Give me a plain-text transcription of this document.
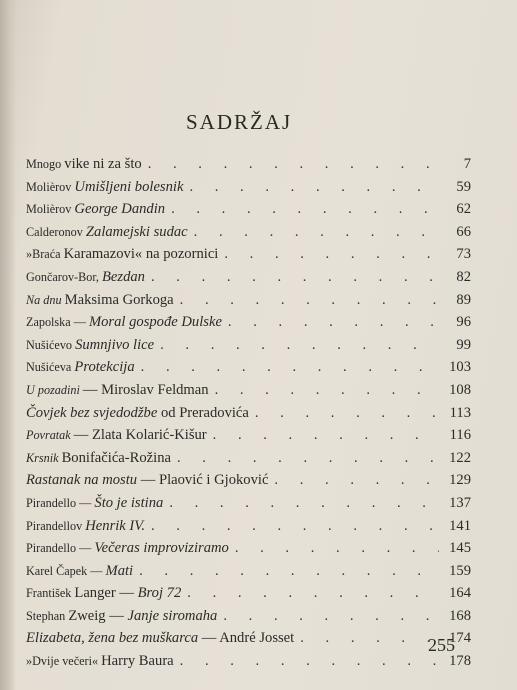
SADRŽAJ
Mnogo vike ni za što . . .	7
Molièrov Umišljeni bolesnik . . .	59
Molièrov George Dandin . . .	62
Calderonov Zalamejski sudac . . .	66
»Braća Karamazovi« na pozornici . . .	73
Gončarov-Bor, Bezdan . . .	82
Na dnu Maksima Gorkoga . . .	89
Zapolska — Moral gospođe Dulske . . .	96
Nušićevo Sumnjivo lice . . .	99
Nušićeva Protekcija . . .	103
U pozadini — Miroslav Feldman . . .	108
Čovjek bez svjedodžbe od Preradovića . . .	113
Povratak — Zlata Kolarić-Kišur . . .	116
Krsnik Bonifačića-Rožina . . .	122
Rastanak na mostu — Plaović i Gjoković . . .	129
Pirandello — Što je istina . . .	137
Pirandellov Henrik IV. . . .	141
Pirandello — Večeras improviziramo . . .	145
Karel Čapek — Mati . . .	159
František Langer — Broj 72 . . .	164
Stephan Zweig — Janje siromaha . . .	168
Elizabeta, žena bez muškarca — André Josset . . .	174
»Dvije večeri« Harry Baura . . .	178
255
